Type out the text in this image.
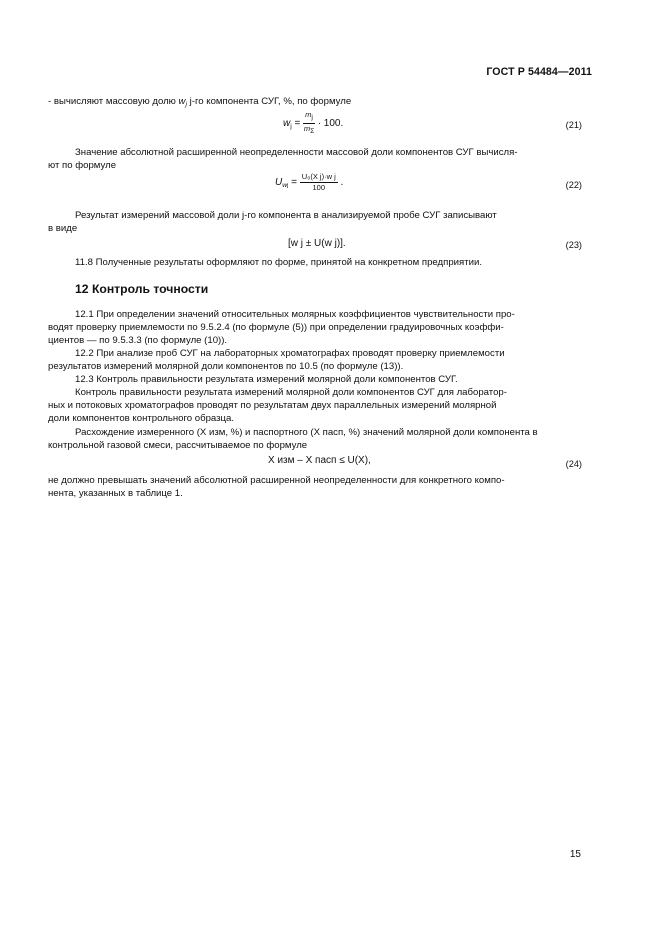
ГОСТ Р 54484—2011
- вычисляют массовую долю $w_j$ j-го компонента СУГ, %, по формуле
$w_j = \frac{mj}{m\Sigma} \cdot 100$.	(21)
Значение абсолютной расширенной неопределенности массовой доли компонентов СУГ вычисля-
ют по формуле
$U_{wj} = \frac{\text{U₀(X j)·w j}}{100}$ .	(22)
Результат измерений массовой доли j-го компонента в анализируемой пробе СУГ записывают
в виде
[w j ± U(w j)].	(23)
11.8 Полученные результаты оформляют по форме, принятой на конкретном предприятии.
12 Контроль точности
12.1 При определении значений относительных молярных коэффициентов чувствительности про-
водят проверку приемлемости по 9.5.2.4 (по формуле (5)) при определении градуировочных коэффи-
циентов — по 9.5.3.3 (по формуле (10)).
12.2 При анализе проб СУГ на лабораторных хроматографах проводят проверку приемлемости
результатов измерений молярной доли компонентов по 10.5 (по формуле (13)).
12.3 Контроль правильности результата измерений молярной доли компонентов СУГ.
Контроль правильности результата измерений молярной доли компонентов СУГ для лаборатор-
ных и потоковых хроматографов проводят по результатам двух параллельных измерений молярной
доли компонентов контрольного образца.
Расхождение измеренного (X изм, %) и паспортного (X пасп, %) значений молярной доли компонента в
контрольной газовой смеси, рассчитываемое по формуле
X изм – X пасп ≤ U(X),	(24)
не должно превышать значений абсолютной расширенной неопределенности для конкретного компо-
нента, указанных в таблице 1.
15
